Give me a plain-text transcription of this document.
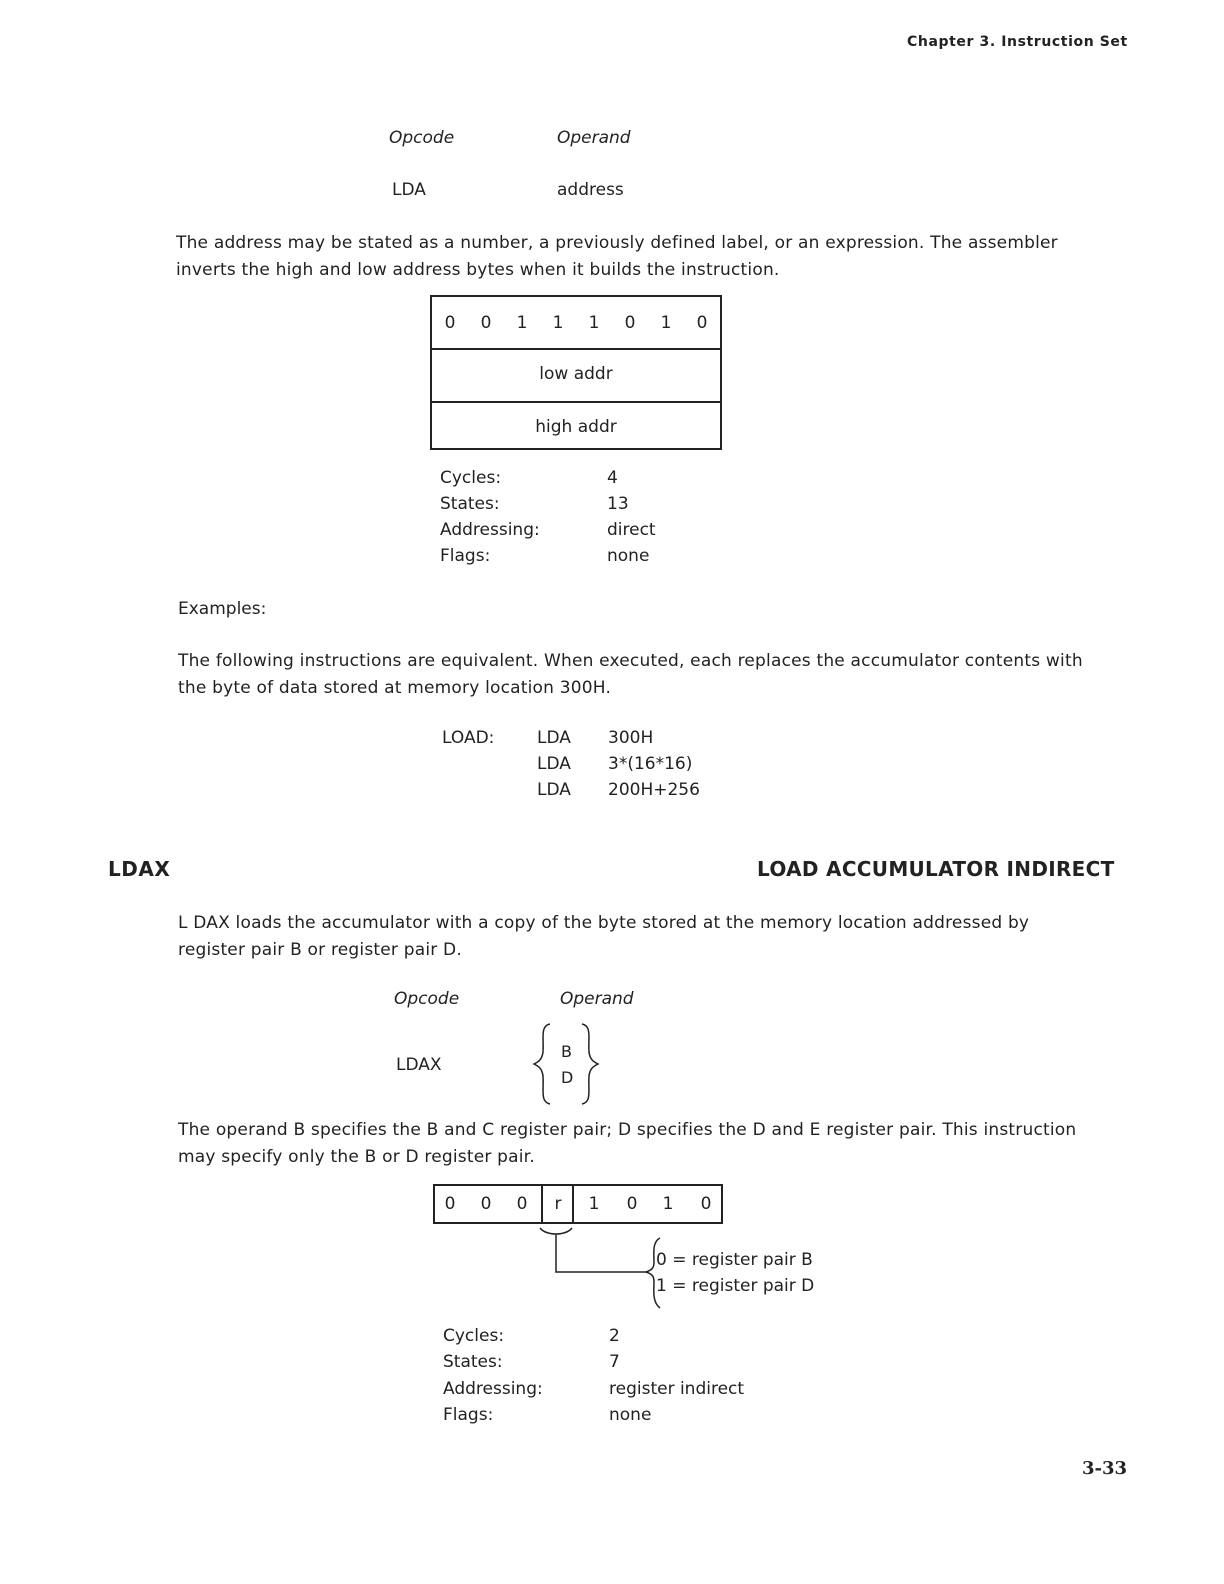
Chapter 3. Instruction Set
Opcode	Operand
LDA	address
The address may be stated as a number, a previously defined label, or an expression. The assembler inverts the high and low address bytes when it builds the instruction.
0	0	1	1	1	0	1	0
low addr
high addr
Cycles:	4
States:	13
Addressing:	direct
Flags:	none
Examples:
The following instructions are equivalent. When executed, each replaces the accumulator contents with the byte of data stored at memory location 300H.
LOAD:	LDA 300H
LDA 3*(16*16)
LDA 200H+256
LDAX	LOAD ACCUMULATOR INDIRECT
L DAX loads the accumulator with a copy of the byte stored at the memory location addressed by register pair B or register pair D.
Opcode	Operand
LDAX
B
D
The operand B specifies the B and C register pair; D specifies the D and E register pair. This instruction may specify only the B or D register pair.
0	0	0	r	1	0	1	0
0 = register pair B
1 = register pair D
Cycles:	2
States:	7
Addressing:	register indirect
Flags:	none
3-33
